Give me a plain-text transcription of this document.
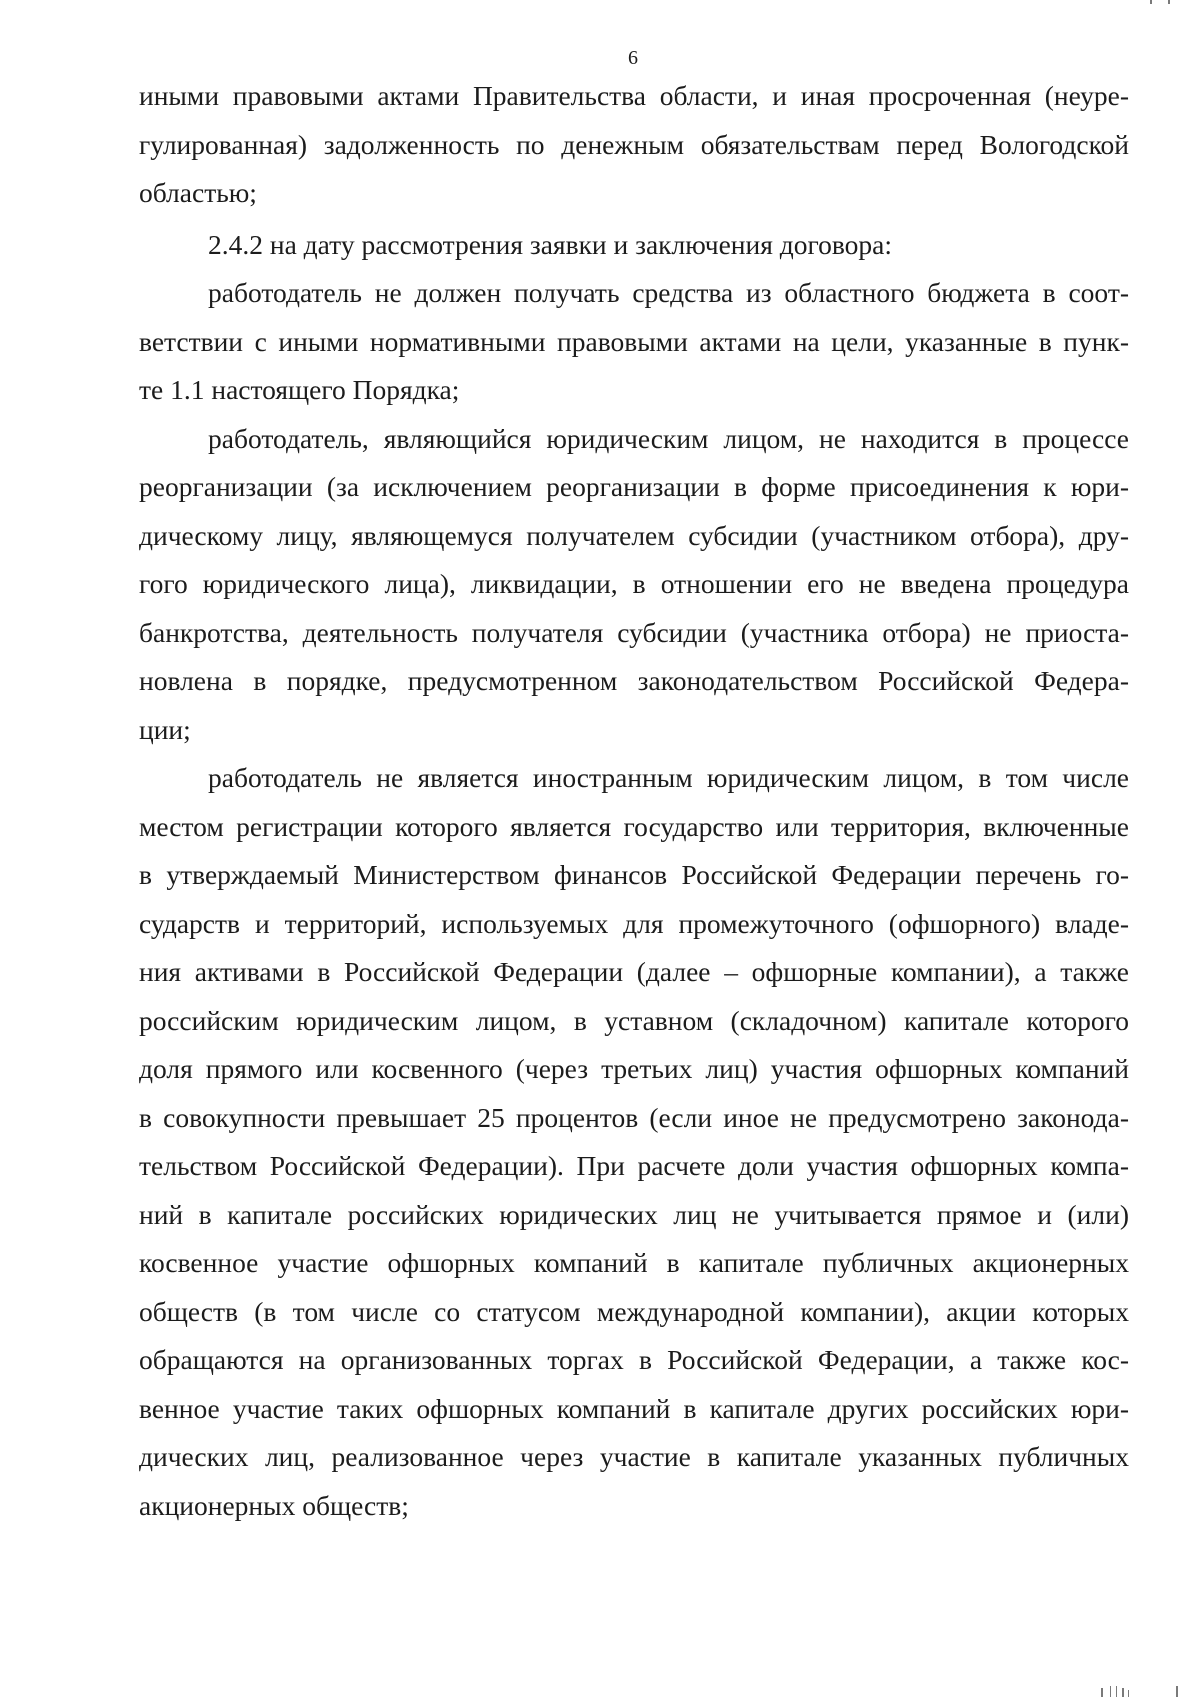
6
иными правовыми актами Правительства области, и иная просроченная (неуре-
гулированная) задолженность по денежным обязательствам перед Вологодской
областью;
2.4.2 на дату рассмотрения заявки и заключения договора:
работодатель не должен получать средства из областного бюджета в соот-
ветствии с иными нормативными правовыми актами на цели, указанные в пунк-
те 1.1 настоящего Порядка;
работодатель, являющийся юридическим лицом, не находится в процессе
реорганизации (за исключением реорганизации в форме присоединения к юри-
дическому лицу, являющемуся получателем субсидии (участником отбора), дру-
гого юридического лица), ликвидации, в отношении его не введена процедура
банкротства, деятельность получателя субсидии (участника отбора) не приоста-
новлена в порядке, предусмотренном законодательством Российской Федера-
ции;
работодатель не является иностранным юридическим лицом, в том числе
местом регистрации которого является государство или территория, включенные
в утверждаемый Министерством финансов Российской Федерации перечень го-
сударств и территорий, используемых для промежуточного (офшорного) владе-
ния активами в Российской Федерации (далее – офшорные компании), а также
российским юридическим лицом, в уставном (складочном) капитале которого
доля прямого или косвенного (через третьих лиц) участия офшорных компаний
в совокупности превышает 25 процентов (если иное не предусмотрено законода-
тельством Российской Федерации). При расчете доли участия офшорных компа-
ний в капитале российских юридических лиц не учитывается прямое и (или)
косвенное участие офшорных компаний в капитале публичных акционерных
обществ (в том числе со статусом международной компании), акции которых
обращаются на организованных торгах в Российской Федерации, а также кос-
венное участие таких офшорных компаний в капитале других российских юри-
дических лиц, реализованное через участие в капитале указанных публичных
акционерных обществ;
